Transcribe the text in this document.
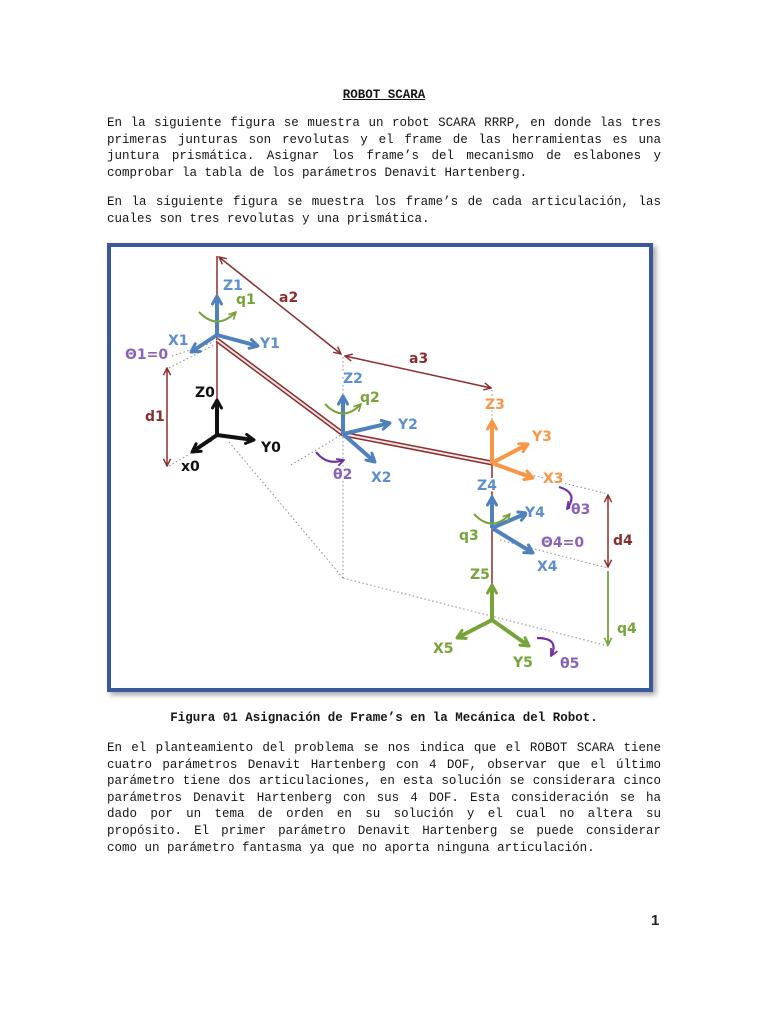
ROBOT SCARA
En la siguiente figura se muestra un robot SCARA RRRP, en donde las tres
primeras junturas son revolutas y el frame de las herramientas es una
juntura prismática. Asignar los frame’s del mecanismo de eslabones y
comprobar la tabla de los parámetros Denavit Hartenberg.
En la siguiente figura se muestra los frame’s de cada articulación, las
cuales son tres revolutas y una prismática.
Z1
q1 a2
X1	Y1
Θ1=0
Z0
d1
Y0
x0
Z2
q2
Y2
θ2 X2
a3
Z3
Y3
X3
θ3
Z4
Y4
q3	Θ4=0
X4
d4
Z5
q4
X5
Y5 θ5
Figura 01 Asignación de Frame’s en la Mecánica del Robot.
En el planteamiento del problema se nos indica que el ROBOT SCARA tiene
cuatro parámetros Denavit Hartenberg con 4 DOF, observar que el último
parámetro tiene dos articulaciones, en esta solución se considerara cinco
parámetros Denavit Hartenberg con sus 4 DOF. Esta consideración se ha
dado por un tema de orden en su solución y el cual no altera su
propósito. El primer parámetro Denavit Hartenberg se puede considerar
como un parámetro fantasma ya que no aporta ninguna articulación.
1
